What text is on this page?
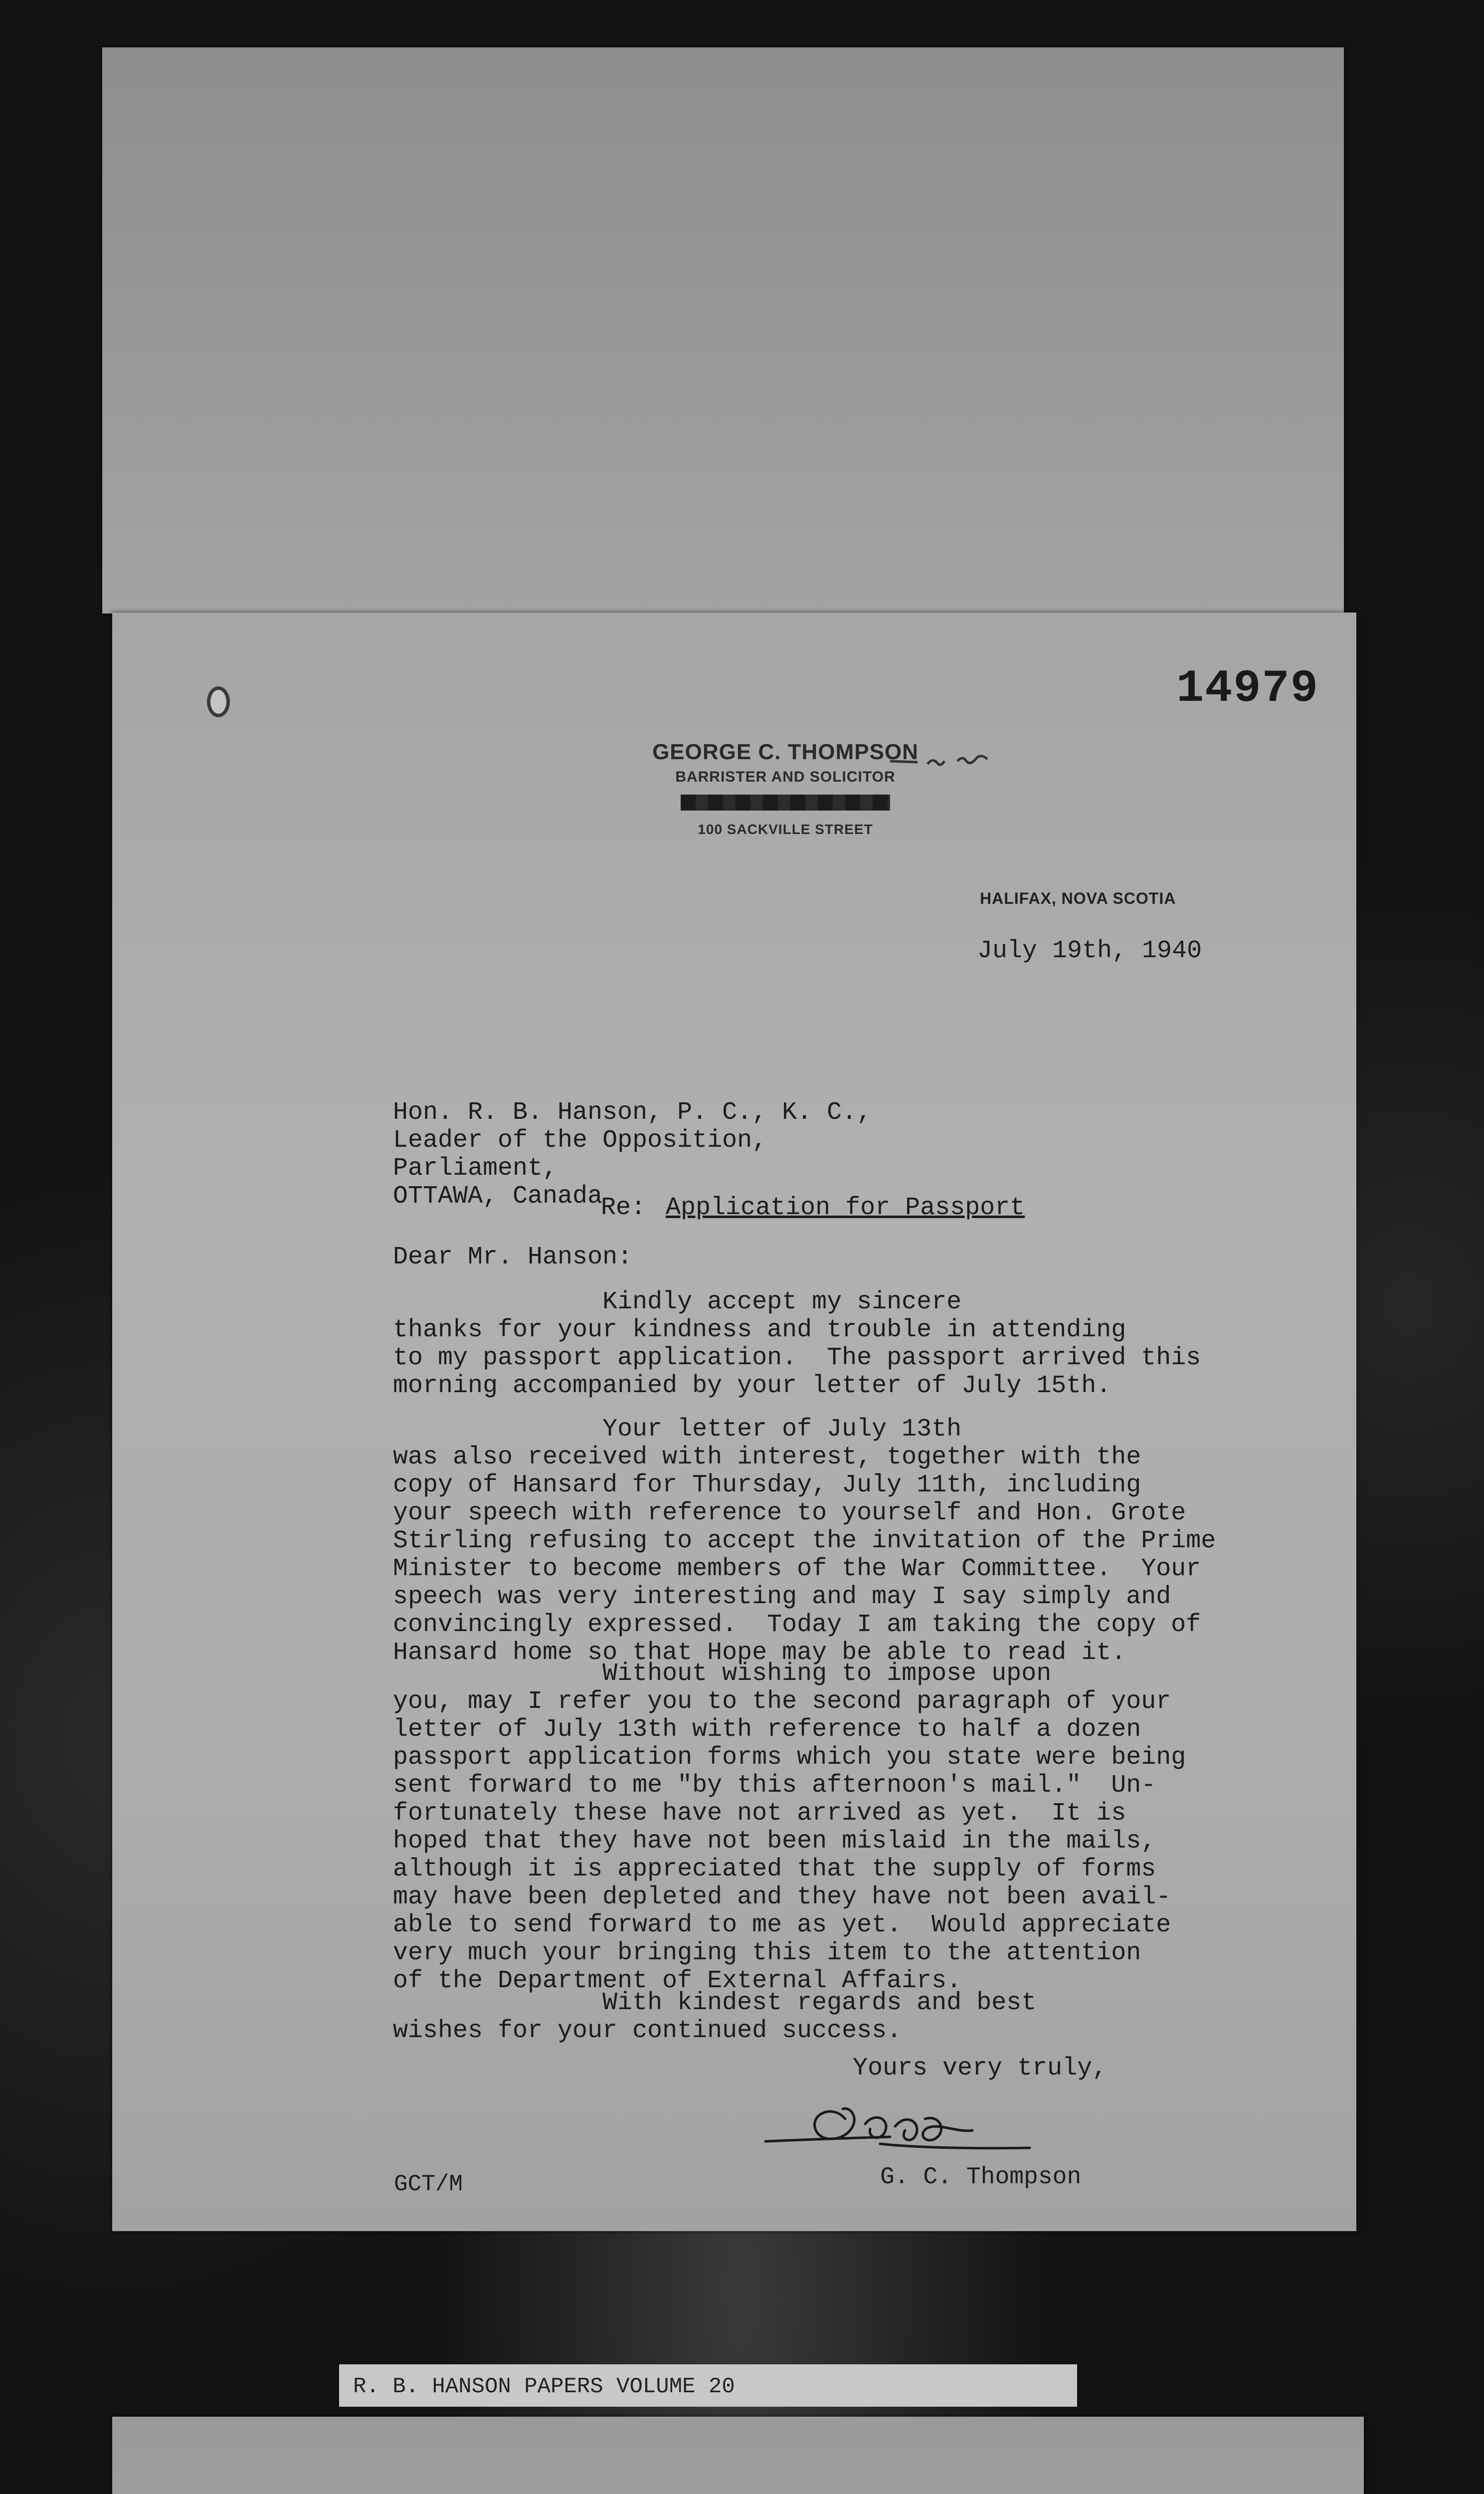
14979
GEORGE C. THOMPSON
BARRISTER AND SOLICITOR
100 SACKVILLE STREET
HALIFAX, NOVA SCOTIA
July 19th, 1940
Hon. R. B. Hanson, P. C., K. C.,
Leader of the Opposition,
Parliament,
OTTAWA, Canada
Re: Application for Passport
Dear Mr. Hanson:
Kindly accept my sincere
thanks for your kindness and trouble in attending
to my passport application.  The passport arrived this
morning accompanied by your letter of July 15th.
Your letter of July 13th
was also received with interest, together with the
copy of Hansard for Thursday, July 11th, including
your speech with reference to yourself and Hon. Grote
Stirling refusing to accept the invitation of the Prime
Minister to become members of the War Committee.  Your
speech was very interesting and may I say simply and
convincingly expressed.  Today I am taking the copy of
Hansard home so that Hope may be able to read it.
Without wishing to impose upon
you, may I refer you to the second paragraph of your
letter of July 13th with reference to half a dozen
passport application forms which you state were being
sent forward to me "by this afternoon's mail."  Un-
fortunately these have not arrived as yet.  It is
hoped that they have not been mislaid in the mails,
although it is appreciated that the supply of forms
may have been depleted and they have not been avail-
able to send forward to me as yet.  Would appreciate
very much your bringing this item to the attention
of the Department of External Affairs.
With kindest regards and best
wishes for your continued success.
Yours very truly,
G. C. Thompson
GCT/M
R. B. HANSON PAPERS VOLUME 20
